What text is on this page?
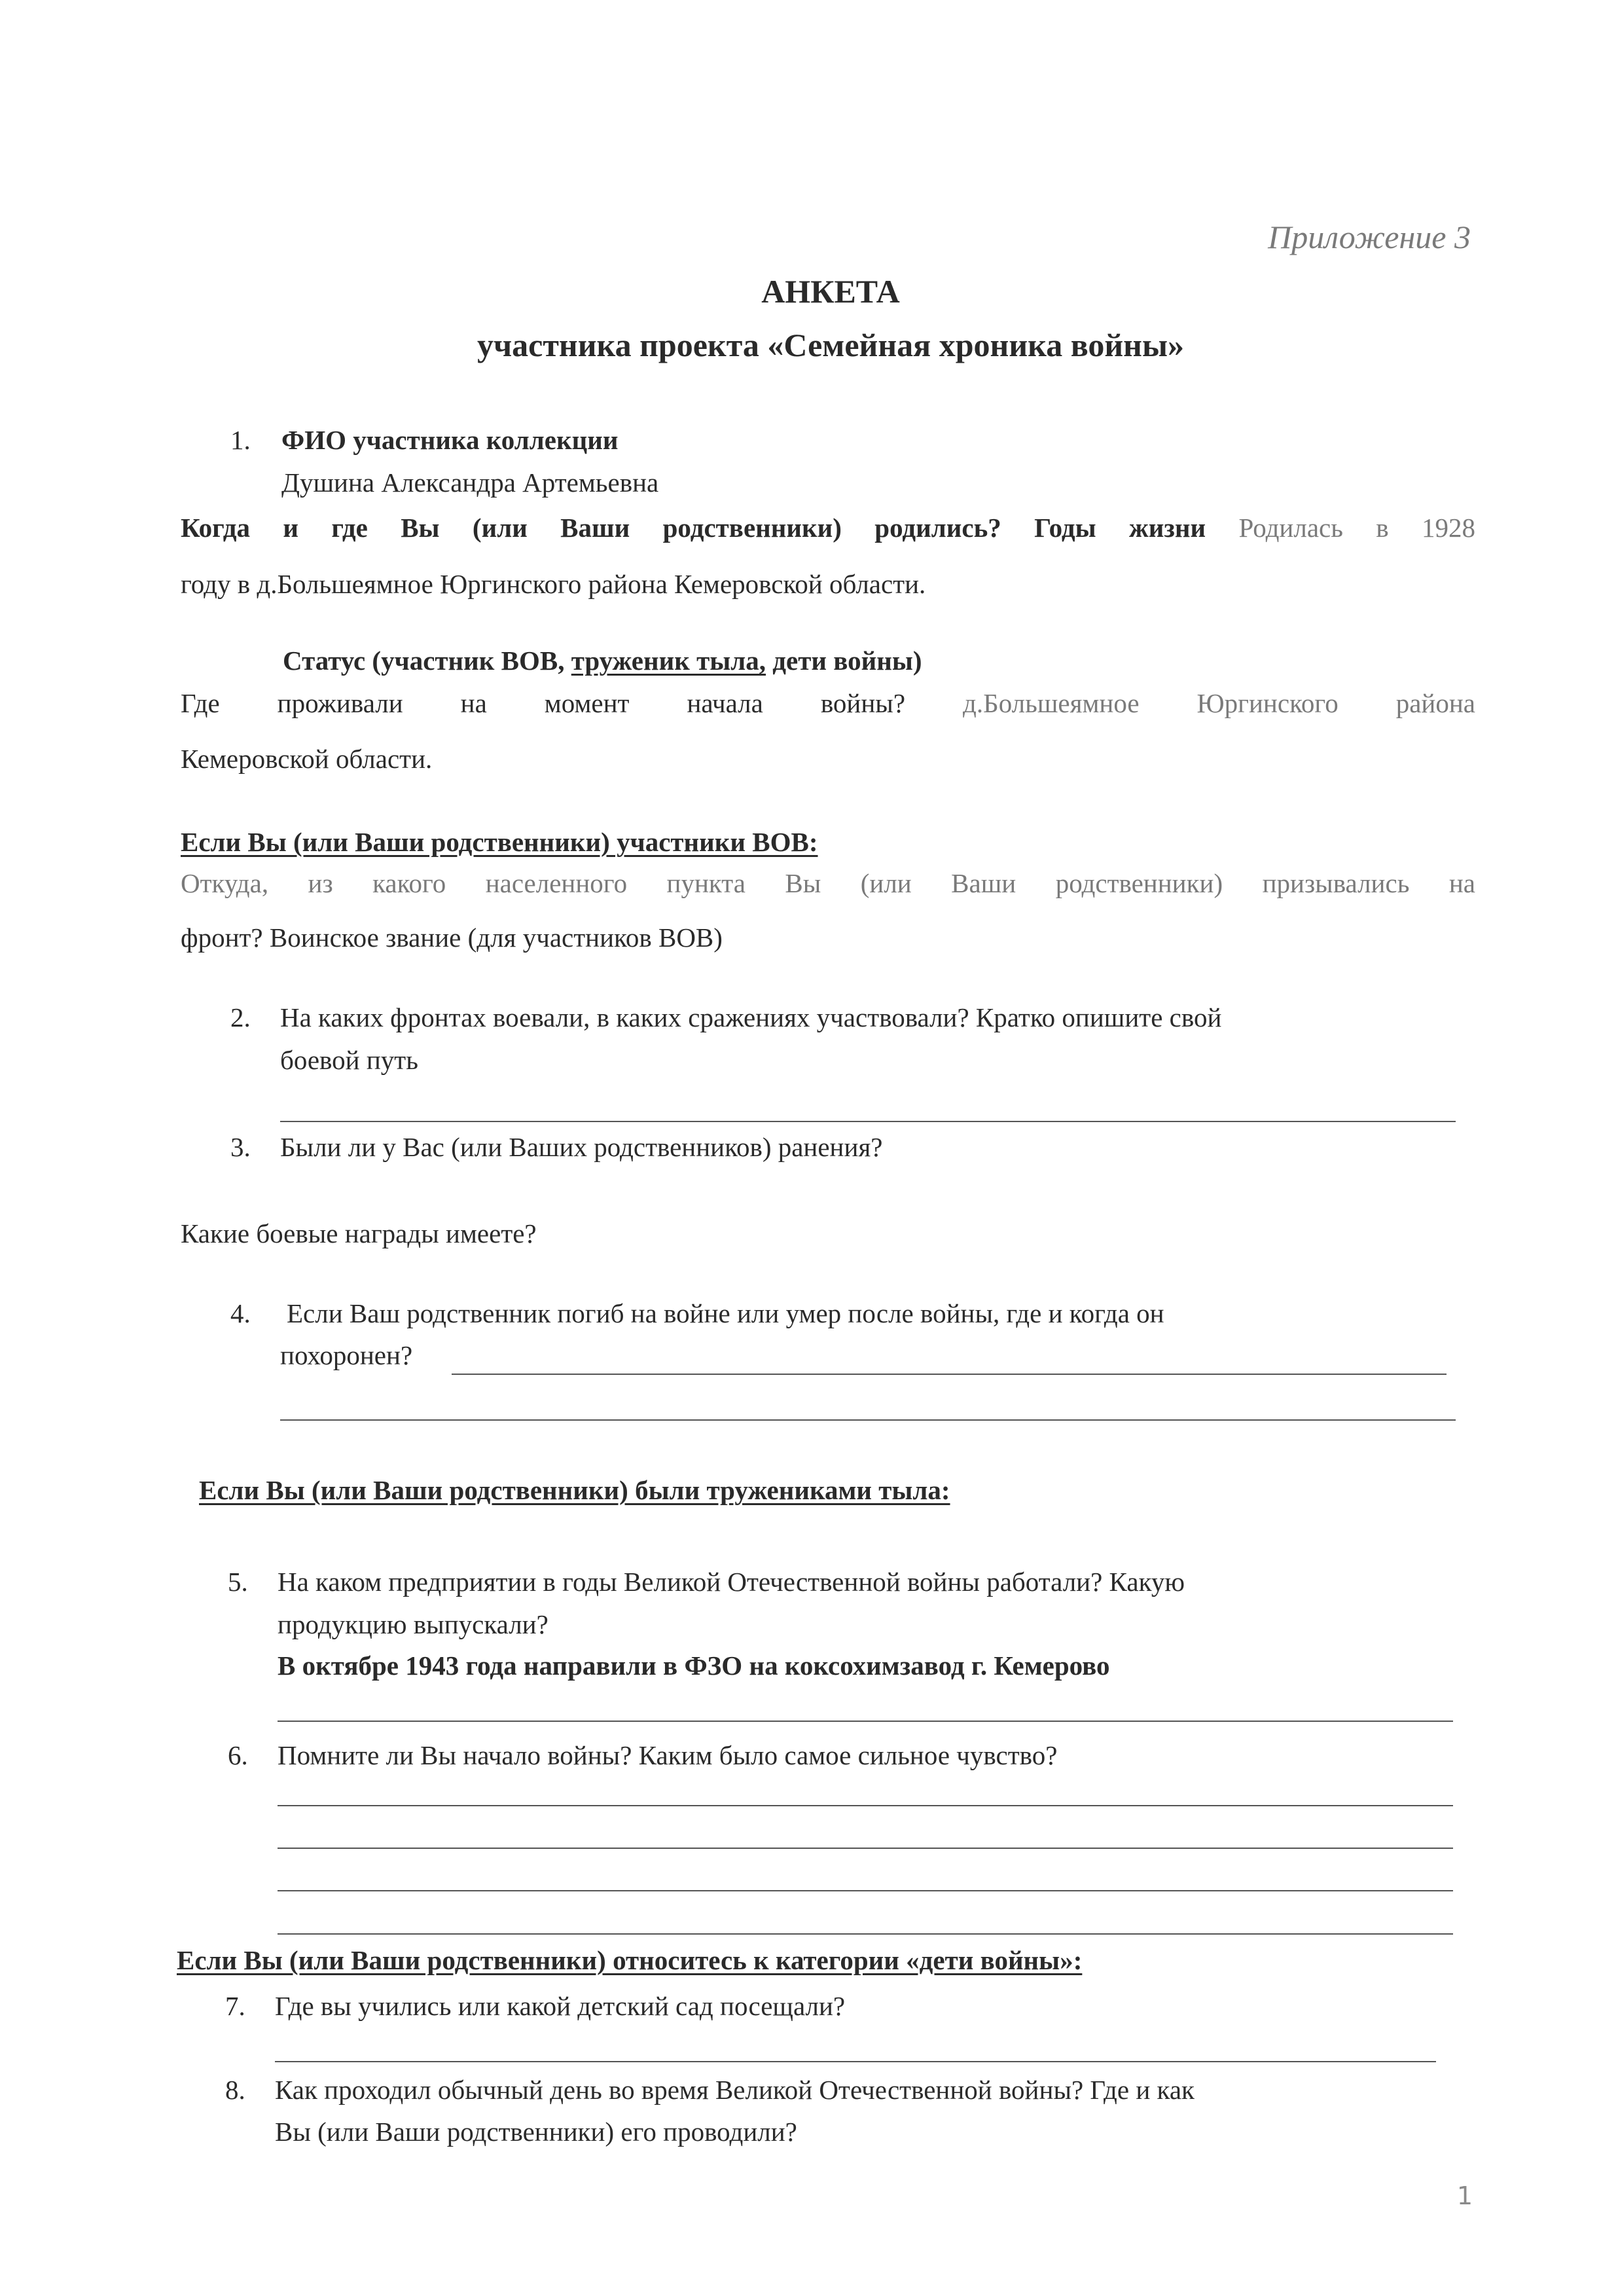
Приложение 3
АНКЕТА
участника проекта «Семейная хроника войны»
1. ФИО участника коллекции
Душина Александра Артемьевна
Когда и где Вы (или Ваши родственники) родились? Годы жизни Родилась в 1928
году в д.Большеямное Юргинского района Кемеровской области.
Статус (участник ВОВ, труженик тыла, дети войны)
Где проживали на момент начала войны? д.Большеямное Юргинского района
Кемеровской области.
Если Вы (или Ваши родственники) участники ВОВ:
Откуда, из какого населенного пункта Вы (или Ваши родственники) призывались на
фронт? Воинское звание (для участников ВОВ)
2. На каких фронтах воевали, в каких сражениях участвовали? Кратко опишите свой
боевой путь
3. Были ли у Вас (или Ваших родственников) ранения?
Какие боевые награды имеете?
4. Если Ваш родственник погиб на войне или умер после войны, где и когда он
похоронен?
Если Вы (или Ваши родственники) были тружениками тыла:
5. На каком предприятии в годы Великой Отечественной войны работали? Какую
продукцию выпускали?
В октябре 1943 года направили в ФЗО на коксохимзавод г. Кемерово
6. Помните ли Вы начало войны? Каким было самое сильное чувство?
Если Вы (или Ваши родственники) относитесь к категории «дети войны»:
7. Где вы учились или какой детский сад посещали?
8. Как проходил обычный день во время Великой Отечественной войны? Где и как
Вы (или Ваши родственники) его проводили?
1
